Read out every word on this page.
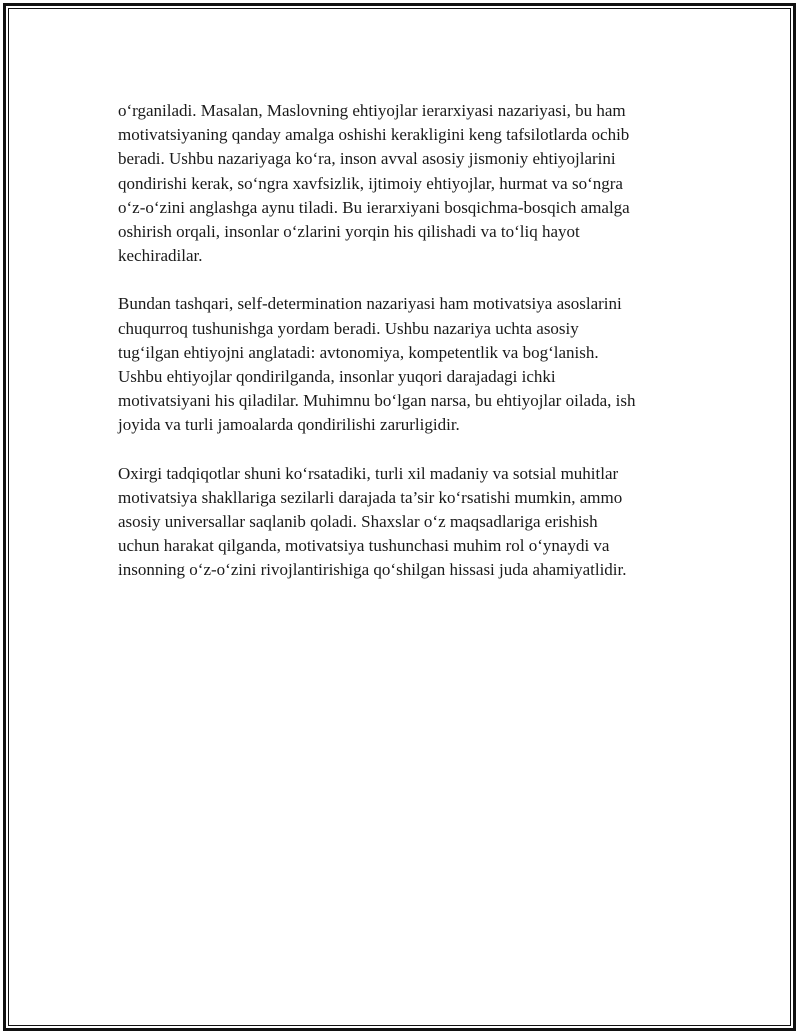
o‘rganiladi. Masalan, Maslovning ehtiyojlar ierarxiyasi nazariyasi, bu ham
motivatsiyaning qanday amalga oshishi kerakligini keng tafsilotlarda ochib
beradi. Ushbu nazariyaga ko‘ra, inson avval asosiy jismoniy ehtiyojlarini
qondirishi kerak, so‘ngra xavfsizlik, ijtimoiy ehtiyojlar, hurmat va so‘ngra
o‘z-o‘zini anglashga aynu tiladi. Bu ierarxiyani bosqichma-bosqich amalga
oshirish orqali, insonlar o‘zlarini yorqin his qilishadi va to‘liq hayot
kechiradilar.

Bundan tashqari, self-determination nazariyasi ham motivatsiya asoslarini
chuqurroq tushunishga yordam beradi. Ushbu nazariya uchta asosiy
tug‘ilgan ehtiyojni anglatadi: avtonomiya, kompetentlik va bog‘lanish.
Ushbu ehtiyojlar qondirilganda, insonlar yuqori darajadagi ichki
motivatsiyani his qiladilar. Muhimnu bo‘lgan narsa, bu ehtiyojlar oilada, ish
joyida va turli jamoalarda qondirilishi zarurligidir.

Oxirgi tadqiqotlar shuni ko‘rsatadiki, turli xil madaniy va sotsial muhitlar
motivatsiya shakllariga sezilarli darajada ta’sir ko‘rsatishi mumkin, ammo
asosiy universallar saqlanib qoladi. Shaxslar o‘z maqsadlariga erishish
uchun harakat qilganda, motivatsiya tushunchasi muhim rol o‘ynaydi va
insonning o‘z-o‘zini rivojlantirishiga qo‘shilgan hissasi juda ahamiyatlidir.
